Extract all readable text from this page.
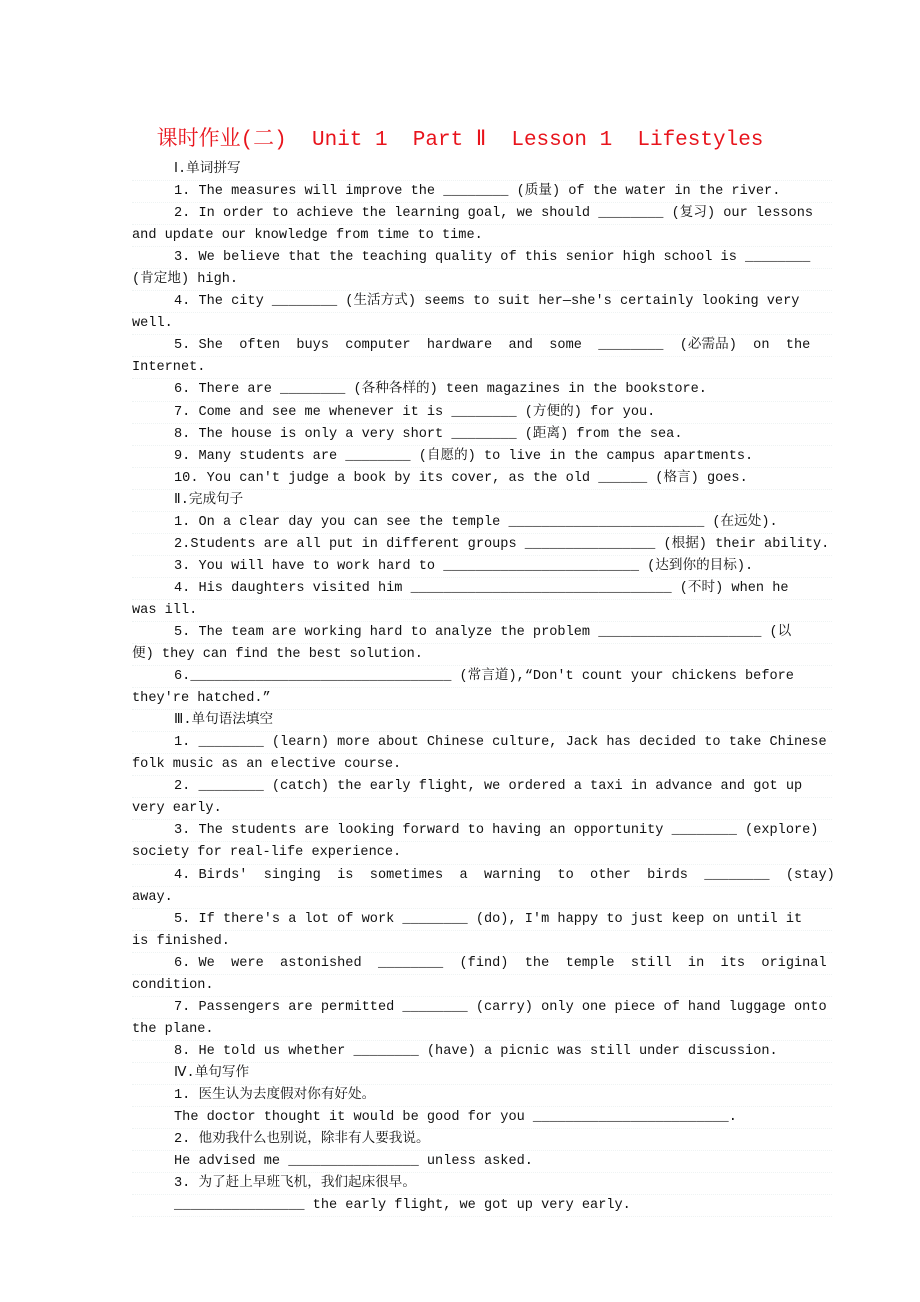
课时作业(二)  Unit 1  Part Ⅱ  Lesson 1  Lifestyles
Ⅰ.单词拼写
1. The measures will improve the ________ (质量) of the water in the river.
2. In order to achieve the learning goal, we should ________ (复习) our lessons
and update our knowledge from time to time.
3. We believe that the teaching quality of this senior high school is ________
(肯定地) high.
4. The city ________ (生活方式) seems to suit her—she's certainly looking very
well.
5. She  often  buys  computer  hardware  and  some  ________  (必需品)  on  the
Internet.
6. There are ________ (各种各样的) teen magazines in the bookstore.
7. Come and see me whenever it is ________ (方便的) for you.
8. The house is only a very short ________ (距离) from the sea.
9. Many students are ________ (自愿的) to live in the campus apartments.
10. You can't judge a book by its cover, as the old ______ (格言) goes.
Ⅱ.完成句子
1. On a clear day you can see the temple ________________________ (在远处).
2.Students are all put in different groups ________________ (根据) their ability.
3. You will have to work hard to ________________________ (达到你的目标).
4. His daughters visited him ________________________________ (不时) when he
was ill.
5. The team are working hard to analyze the problem ____________________ (以
便) they can find the best solution.
6.________________________________ (常言道),“Don't count your chickens before
they're hatched.”
Ⅲ.单句语法填空
1. ________ (learn) more about Chinese culture, Jack has decided to take Chinese
folk music as an elective course.
2. ________ (catch) the early flight, we ordered a taxi in advance and got up
very early.
3. The students are looking forward to having an opportunity ________ (explore)
society for real-life experience.
4. Birds'  singing  is  sometimes  a  warning  to  other  birds  ________  (stay)
away.
5. If there's a lot of work ________ (do), I'm happy to just keep on until it
is finished.
6. We  were  astonished  ________  (find)  the  temple  still  in  its  original
condition.
7. Passengers are permitted ________ (carry) only one piece of hand luggage onto
the plane.
8. He told us whether ________ (have) a picnic was still under discussion.
Ⅳ.单句写作
1. 医生认为去度假对你有好处。
The doctor thought it would be good for you ________________________.
2. 他劝我什么也别说，除非有人要我说。
He advised me ________________ unless asked.
3. 为了赶上早班飞机，我们起床很早。
________________ the early flight, we got up very early.
